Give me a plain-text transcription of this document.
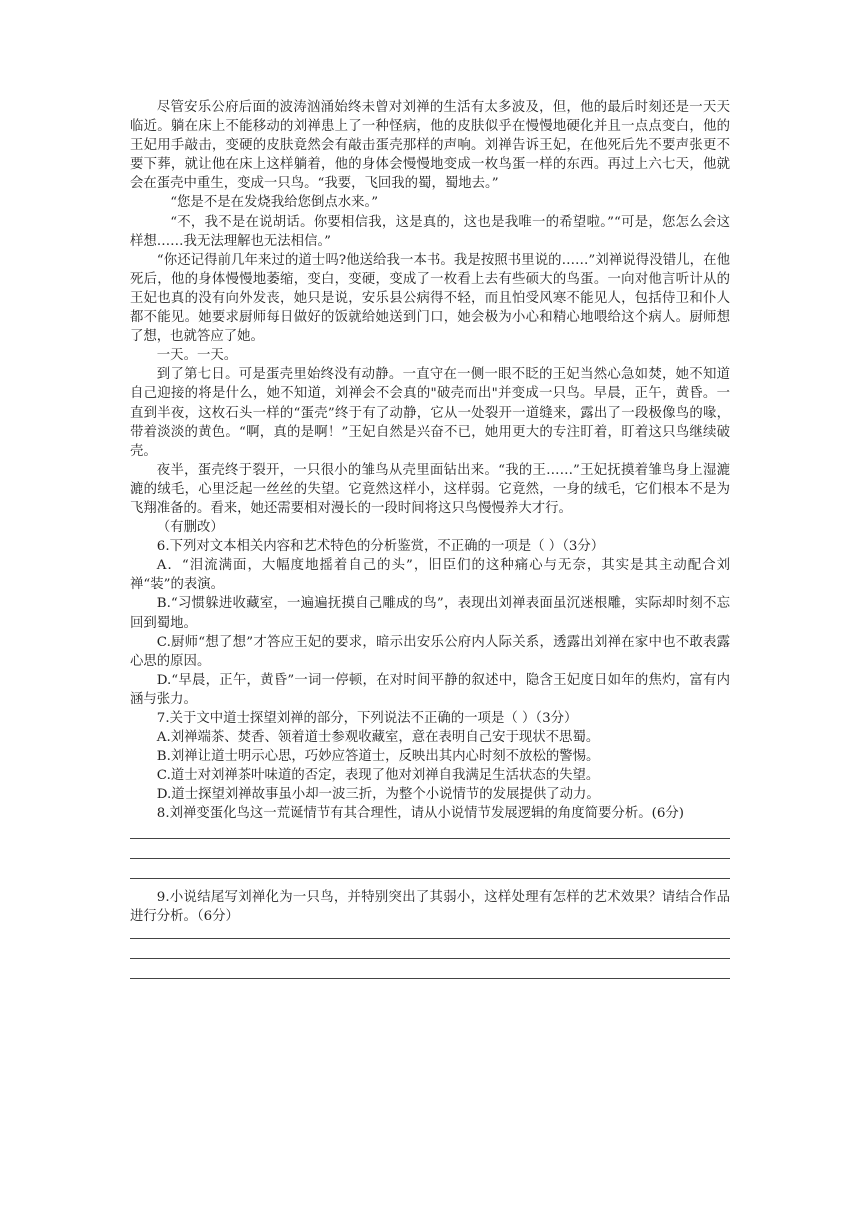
尽管安乐公府后面的波涛汹涌始终未曾对刘禅的生活有太多波及，但，他的最后时刻还是一天天临近。躺在床上不能移动的刘禅患上了一种怪病，他的皮肤似乎在慢慢地硬化并且一点点变白，他的王妃用手敲击，变硬的皮肤竟然会有敲击蛋壳那样的声响。刘禅告诉王妃，在他死后先不要声张更不要下葬，就让他在床上这样躺着，他的身体会慢慢地变成一枚鸟蛋一样的东西。再过上六七天，他就会在蛋壳中重生，变成一只鸟。“我要，飞回我的蜀，蜀地去。”

“您是不是在发烧我给您倒点水来。”

“不，我不是在说胡话。你要相信我，这是真的，这也是我唯一的希望啦。”“可是，您怎么会这样想……我无法理解也无法相信。”

“你还记得前几年来过的道士吗?他送给我一本书。我是按照书里说的……”刘禅说得没错儿，在他死后，他的身体慢慢地萎缩，变白，变硬，变成了一枚看上去有些硕大的鸟蛋。一向对他言听计从的王妃也真的没有向外发丧，她只是说，安乐县公病得不轻，而且怕受风寒不能见人，包括侍卫和仆人都不能见。她要求厨师每日做好的饭就给她送到门口，她会极为小心和精心地喂给这个病人。厨师想了想，也就答应了她。

一天。一天。

到了第七日。可是蛋壳里始终没有动静。一直守在一侧一眼不眨的王妃当然心急如焚，她不知道自己迎接的将是什么，她不知道，刘禅会不会真的"破壳而出"并变成一只鸟。早晨，正午，黄昏。一直到半夜，这枚石头一样的“蛋壳”终于有了动静，它从一处裂开一道缝来，露出了一段极像鸟的喙，带着淡淡的黄色。“啊，真的是啊！”王妃自然是兴奋不已，她用更大的专注盯着，盯着这只鸟继续破壳。

夜半，蛋壳终于裂开，一只很小的雏鸟从壳里面钻出来。“我的王……”王妃抚摸着雏鸟身上湿漉漉的绒毛，心里泛起一丝丝的失望。它竟然这样小，这样弱。它竟然，一身的绒毛，它们根本不是为飞翔准备的。看来，她还需要相对漫长的一段时间将这只鸟慢慢养大才行。

（有删改）

6.下列对文本相关内容和艺术特色的分析鉴赏，不正确的一项是（ ）（3分）

A．“泪流满面，大幅度地摇着自己的头”，旧臣们的这种痛心与无奈，其实是其主动配合刘禅“装”的表演。

B.“习惯躲进收藏室，一遍遍抚摸自己雕成的鸟”，表现出刘禅表面虽沉迷根雕，实际却时刻不忘回到蜀地。

C.厨师“想了想”才答应王妃的要求，暗示出安乐公府内人际关系，透露出刘禅在家中也不敢表露心思的原因。

D.“早晨，正午，黄昏”一词一停顿，在对时间平静的叙述中，隐含王妃度日如年的焦灼，富有内涵与张力。

7.关于文中道士探望刘禅的部分，下列说法不正确的一项是（ ）（3分）

A.刘禅端茶、焚香、领着道士参观收藏室，意在表明自己安于现状不思蜀。

B.刘禅让道士明示心思，巧妙应答道士，反映出其内心时刻不放松的警惕。

C.道士对刘禅茶叶味道的否定，表现了他对刘禅自我满足生活状态的失望。

D.道士探望刘禅故事虽小却一波三折，为整个小说情节的发展提供了动力。

8.刘禅变蛋化鸟这一荒诞情节有其合理性，请从小说情节发展逻辑的角度简要分析。(6分)

9.小说结尾写刘禅化为一只鸟，并特别突出了其弱小，这样处理有怎样的艺术效果？请结合作品进行分析。（6分）
